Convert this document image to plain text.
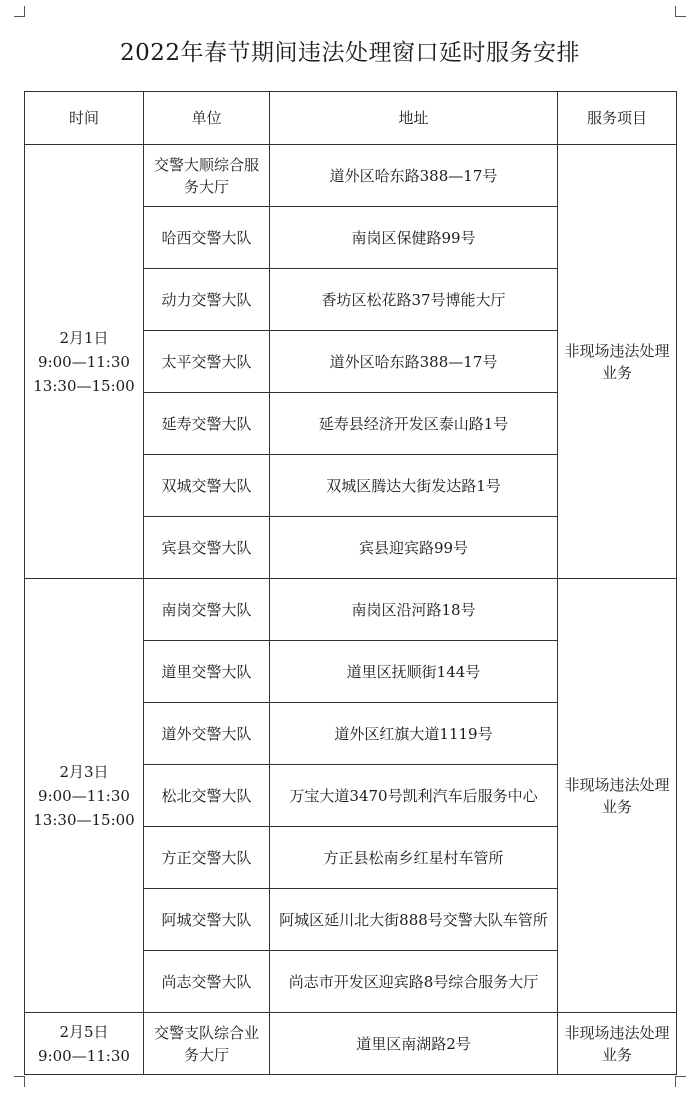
2022年春节期间违法处理窗口延时服务安排
时间	单位	地址	服务项目

2月1日
9:00—11:30
13:30—15:00	交警大顺综合服务大厅	道外区哈东路388—17号	非现场违法处理业务
	哈西交警大队	南岗区保健路99号	
	动力交警大队	香坊区松花路37号博能大厅	
	太平交警大队	道外区哈东路388—17号	
	延寿交警大队	延寿县经济开发区泰山路1号	
	双城交警大队	双城区腾达大街发达路1号	
	宾县交警大队	宾县迎宾路99号	

2月3日
9:00—11:30
13:30—15:00	南岗交警大队	南岗区沿河路18号	非现场违法处理业务
	道里交警大队	道里区抚顺街144号	
	道外交警大队	道外区红旗大道1119号	
	松北交警大队	万宝大道3470号凯利汽车后服务中心	
	方正交警大队	方正县松南乡红星村车管所	
	阿城交警大队	阿城区延川北大街888号交警大队车管所	
	尚志交警大队	尚志市开发区迎宾路8号综合服务大厅	

2月5日
9:00—11:30	交警支队综合业务大厅	道里区南湖路2号	非现场违法处理业务
